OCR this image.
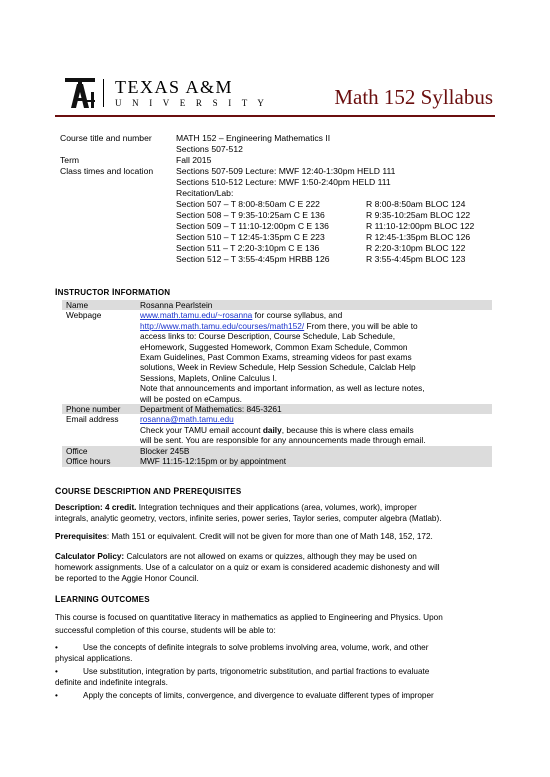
TEXAS A&M
U N I V E R S I T Y	Math 152 Syllabus
Course title and number	MATH 152 – Engineering Mathematics II
Sections 507-512
Term	Fall 2015
Class times and location	Sections 507-509 Lecture: MWF 12:40-1:30pm HELD 111
Sections 510-512 Lecture: MWF 1:50-2:40pm HELD 111
Recitation/Lab:
Section 507 – T 8:00-8:50am C E 222	R 8:00-8:50am BLOC 124
Section 508 – T 9:35-10:25am C E 136	R 9:35-10:25am BLOC 122
Section 509 – T 11:10-12:00pm C E 136	R 11:10-12:00pm BLOC 122
Section 510 – T 12:45-1:35pm C E 223	R 12:45-1:35pm BLOC 126
Section 511 – T 2:20-3:10pm C E 136	R 2:20-3:10pm BLOC 122
Section 512 – T 3:55-4:45pm HRBB 126	R 3:55-4:45pm BLOC 123
INSTRUCTOR INFORMATION
Name	Rosanna Pearlstein
Webpage	www.math.tamu.edu/~rosanna for course syllabus, and
http://www.math.tamu.edu/courses/math152/ From there, you will be able to
access links to: Course Description, Course Schedule, Lab Schedule,
eHomework, Suggested Homework, Common Exam Schedule, Common
Exam Guidelines, Past Common Exams, streaming videos for past exams
solutions, Week in Review Schedule, Help Session Schedule, Calclab Help
Sessions, Maplets, Online Calculus I.
Note that announcements and important information, as well as lecture notes,
will be posted on eCampus.
Phone number	Department of Mathematics: 845-3261
Email address	rosanna@math.tamu.edu
Check your TAMU email account daily, because this is where class emails
will be sent. You are responsible for any announcements made through email.
Office	Blocker 245B
Office hours	MWF 11:15-12:15pm or by appointment
COURSE DESCRIPTION AND PREREQUISITES
Description: 4 credit. Integration techniques and their applications (area, volumes, work), improper
integrals, analytic geometry, vectors, infinite series, power series, Taylor series, computer algebra (Matlab).
Prerequisites: Math 151 or equivalent. Credit will not be given for more than one of Math 148, 152, 172.
Calculator Policy: Calculators are not allowed on exams or quizzes, although they may be used on
homework assignments. Use of a calculator on a quiz or exam is considered academic dishonesty and will
be reported to the Aggie Honor Council.
LEARNING OUTCOMES
This course is focused on quantitative literacy in mathematics as applied to Engineering and Physics. Upon
successful completion of this course, students will be able to:
•	Use the concepts of definite integrals to solve problems involving area, volume, work, and other
physical applications.
•	Use substitution, integration by parts, trigonometric substitution, and partial fractions to evaluate
definite and indefinite integrals.
•	Apply the concepts of limits, convergence, and divergence to evaluate different types of improper
